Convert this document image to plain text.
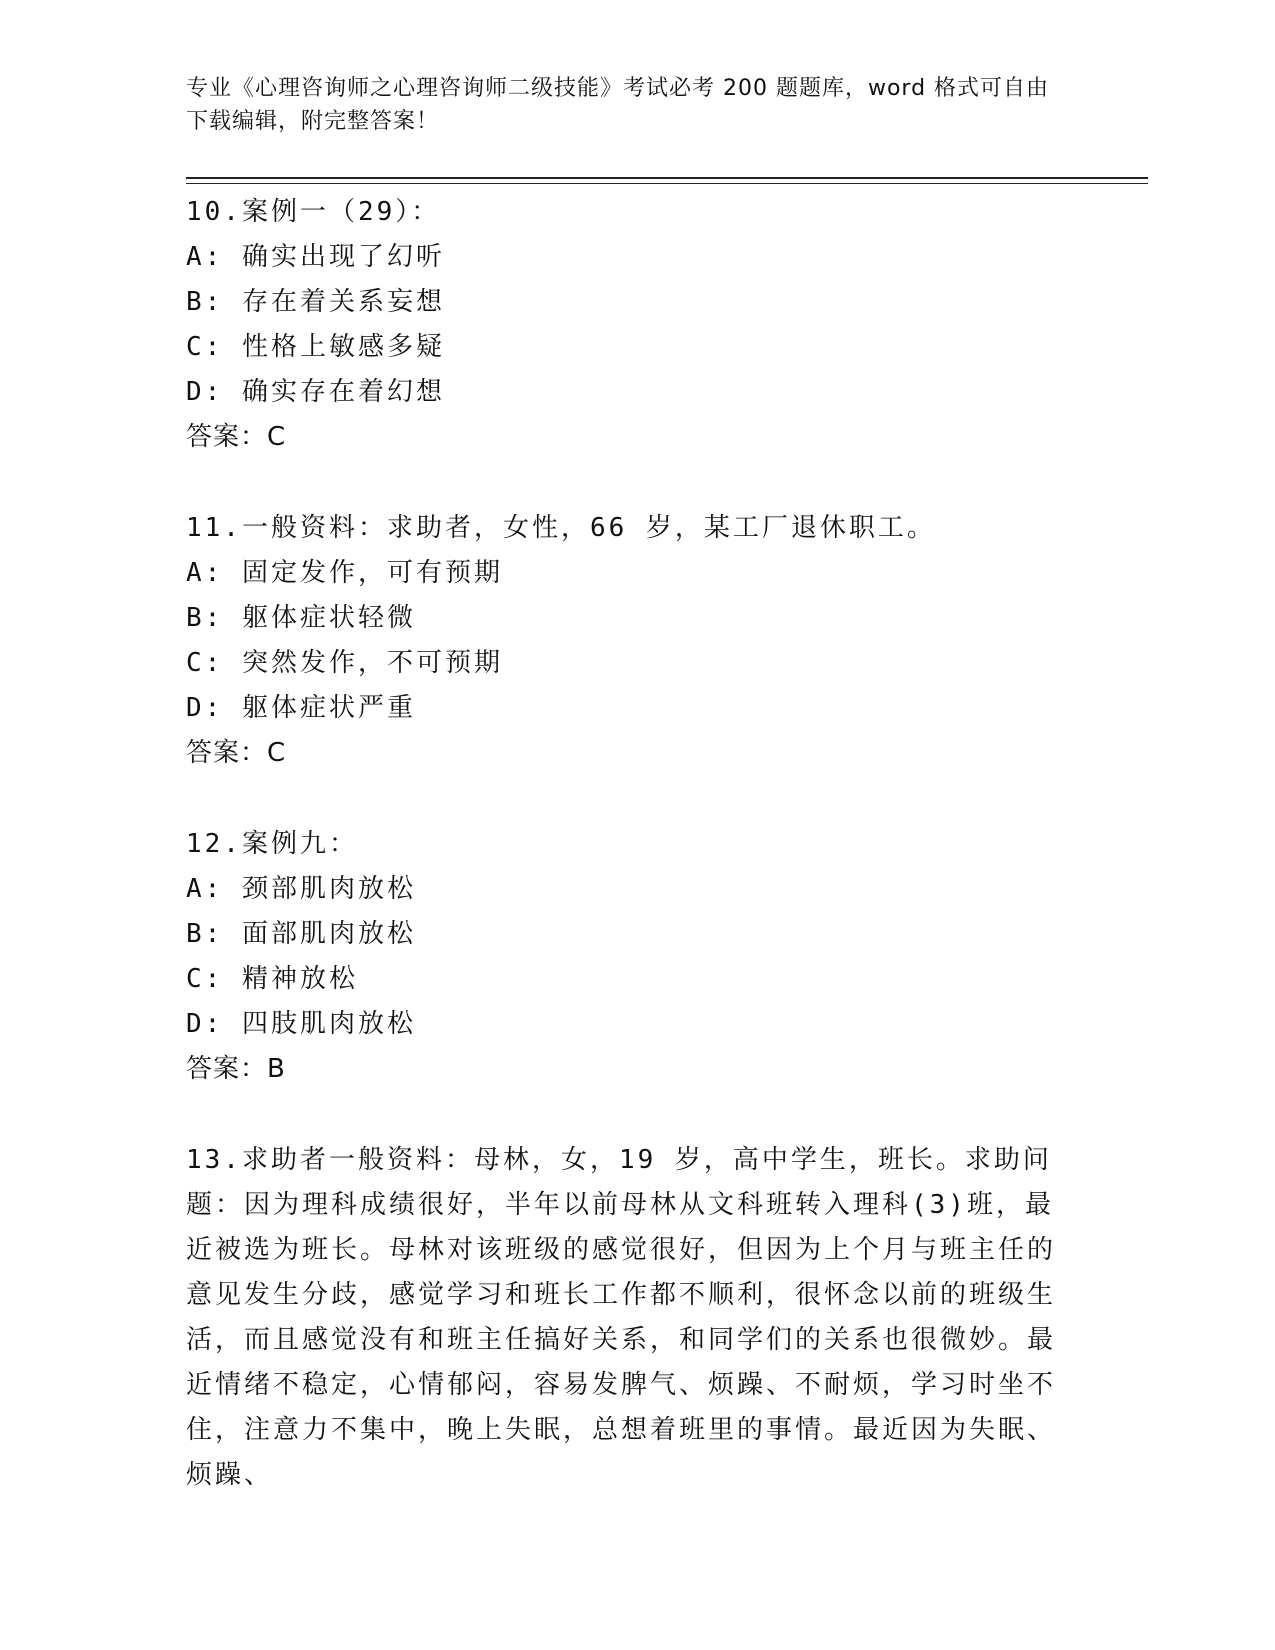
专业《心理咨询师之心理咨询师二级技能》考试必考 200 题题库，word 格式可自由下载编辑，附完整答案！
10.案例一（29）：
A: 确实出现了幻听
B: 存在着关系妄想
C: 性格上敏感多疑
D: 确实存在着幻想
答案：C
11.一般资料：求助者，女性，66 岁，某工厂退休职工。
A: 固定发作，可有预期
B: 躯体症状轻微
C: 突然发作，不可预期
D: 躯体症状严重
答案：C
12.案例九：
A: 颈部肌肉放松
B: 面部肌肉放松
C: 精神放松
D: 四肢肌肉放松
答案：B
13.求助者一般资料：母林，女，19 岁，高中学生，班长。求助问题：因为理科成绩很好，半年以前母林从文科班转入理科(3)班，最近被选为班长。母林对该班级的感觉很好，但因为上个月与班主任的意见发生分歧，感觉学习和班长工作都不顺利，很怀念以前的班级生活，而且感觉没有和班主任搞好关系，和同学们的关系也很微妙。最近情绪不稳定，心情郁闷，容易发脾气、烦躁、不耐烦，学习时坐不住，注意力不集中，晚上失眠，总想着班里的事情。最近因为失眠、烦躁、
